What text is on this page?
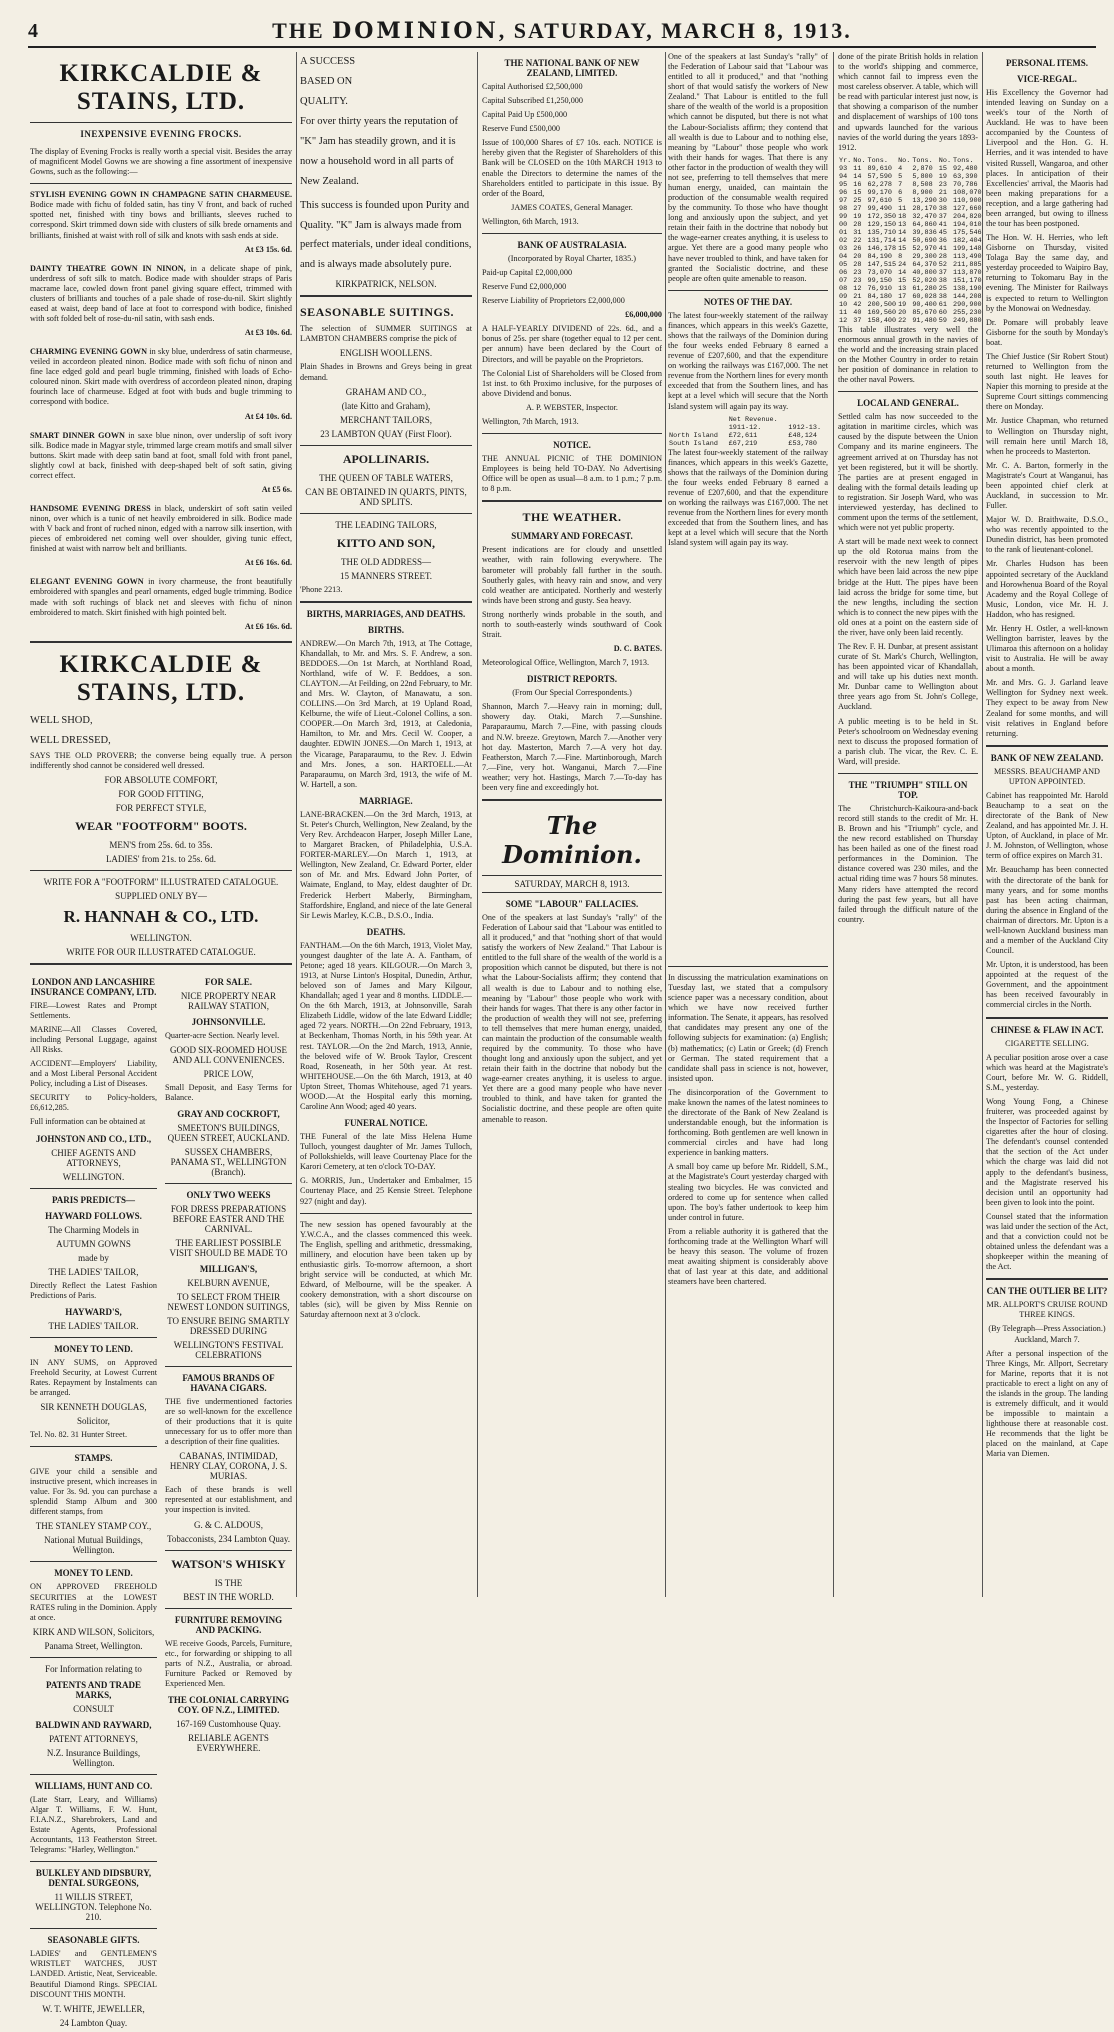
4	THE DOMINION, SATURDAY, MARCH 8, 1913.
KIRKCALDIE & STAINS, LTD.
INEXPENSIVE EVENING FROCKS.

The display of Evening Frocks is really worth a special visit. Besides the array of magnificent Model Gowns we are showing a fine assortment of inexpensive Gowns, such as the following:—

STYLISH EVENING GOWN IN CHAMPAGNE SATIN CHARMEUSE. Bodice made with fichu of folded satin, has tiny V front, and back of ruched spotted net, finished with tiny bows and brilliants, sleeves ruched to correspond. Skirt trimmed down side with clusters of silk brede ornaments and brilliants, finished at waist with roll of silk and knots with sash ends at side.

At £3 15s. 6d.

DAINTY THEATRE GOWN IN NINON, in a delicate shape of pink, underdress of soft silk to match. Bodice made with shoulder straps of Paris macrame lace, cowled down front panel giving square effect, trimmed with clusters of brilliants and touches of a pale shade of rose-du-nil. Skirt slightly eased at waist, deep band of lace at foot to correspond with bodice, finished with soft folded belt of rose-du-nil satin, with sash ends.

At £3 10s. 6d.

CHARMING EVENING GOWN in sky blue, underdress of satin charmeuse, veiled in accordeon pleated ninon. Bodice made with soft fichu of ninon and fine lace edged gold and pearl bugle trimming, finished with loads of Echo-coloured ninon. Skirt made with overdress of accordeon pleated ninon, draping fourinch lace of charmeuse. Edged at foot with buds and bugle trimming to correspond with bodice.

At £4 10s. 6d.

SMART DINNER GOWN in saxe blue ninon, over underslip of soft ivory silk. Bodice made in Magyar style, trimmed large cream motifs and small silver buttons. Skirt made with deep satin band at foot, small fold with front panel, slightly cowl at back, finished with deep-shaped belt of soft satin, giving correct effect.

At £5 6s.

HANDSOME EVENING DRESS in black, underskirt of soft satin veiled ninon, over which is a tunic of net heavily embroidered in silk. Bodice made with V back and front of ruched ninon, edged with a narrow silk insertion, with pieces of embroidered net coming well over shoulder, giving tunic effect, finished at waist with narrow belt and brilliants.

At £6 16s. 6d.

ELEGANT EVENING GOWN in ivory charmeuse, the front beautifully embroidered with spangles and pearl ornaments, edged bugle trimming. Bodice made with soft ruchings of black net and sleeves with fichu of ninon embroidered to match. Skirt finished with high pointed belt.

At £6 16s. 6d.
KIRKCALDIE & STAINS, LTD.
WELL SHOD,
WELL DRESSED,

SAYS THE OLD PROVERB; the converse being equally true. A person indifferently shod cannot be considered well dressed.

FOR ABSOLUTE COMFORT,
FOR GOOD FITTING,
FOR PERFECT STYLE,
WEAR "FOOTFORM" BOOTS.
MEN'S from 25s. 6d. to 35s.
LADIES' from 21s. to 25s. 6d.
WRITE FOR A "FOOTFORM" ILLUSTRATED CATALOGUE.
SUPPLIED ONLY BY—
R. HANNAH & CO., LTD.
WELLINGTON.
WRITE FOR OUR ILLUSTRATED CATALOGUE.
LONDON AND LANCASHIRE INSURANCE COMPANY, LTD.

FIRE—Lowest Rates and Prompt Settlements.

MARINE—All Classes Covered, including Personal Luggage, against All Risks.

ACCIDENT—Employers' Liability, and a Most Liberal Personal Accident Policy, including a List of Diseases.

SECURITY to Policy-holders, £6,612,285.

Full information can be obtained at

JOHNSTON AND CO., LTD.,
CHIEF AGENTS AND ATTORNEYS,
WELLINGTON.
PARIS PREDICTS—
HAYWARD FOLLOWS.
The Charming Models in
AUTUMN GOWNS
made by
THE LADIES' TAILOR,

Directly Reflect the Latest Fashion Predictions of Paris.

HAYWARD'S,
THE LADIES' TAILOR.
MONEY TO LEND.

IN ANY SUMS, on Approved Freehold Security, at Lowest Current Rates. Repayment by Instalments can be arranged.

SIR KENNETH DOUGLAS,
Solicitor,

Tel. No. 82. 31 Hunter Street.

STAMPS.

GIVE your child a sensible and instructive present, which increases in value. For 3s. 9d. you can purchase a splendid Stamp Album and 300 different stamps, from

THE STANLEY STAMP COY.,
National Mutual Buildings, Wellington.
MONEY TO LEND.

ON APPROVED FREEHOLD SECURITIES at the LOWEST RATES ruling in the Dominion. Apply at once.

KIRK AND WILSON, Solicitors,
Panama Street, Wellington.
For Information relating to
PATENTS AND TRADE MARKS,
CONSULT
BALDWIN AND RAYWARD,
PATENT ATTORNEYS,
N.Z. Insurance Buildings, Wellington.
WILLIAMS, HUNT AND CO.

(Late Starr, Leary, and Williams) Algar T. Williams, F. W. Hunt, F.I.A.N.Z., Sharebrokers, Land and Estate Agents, Professional Accountants, 113 Featherston Street. Telegrams: "Harley, Wellington."

BULKLEY AND DIDSBURY, DENTAL SURGEONS,
11 WILLIS STREET, WELLINGTON. Telephone No. 210.
SEASONABLE GIFTS.

LADIES' and GENTLEMEN'S WRISTLET WATCHES, JUST LANDED. Artistic, Neat, Serviceable. Beautiful Diamond Rings. SPECIAL DISCOUNT THIS MONTH.

W. T. WHITE, JEWELLER,
24 Lambton Quay.
FOR SALE.
NICE PROPERTY NEAR RAILWAY STATION,
JOHNSONVILLE.

Quarter-acre Section. Nearly level.

GOOD SIX-ROOMED HOUSE AND ALL CONVENIENCES.
PRICE LOW,

Small Deposit, and Easy Terms for Balance.

GRAY AND COCKROFT,
SMEETON'S BUILDINGS, QUEEN STREET, AUCKLAND.
SUSSEX CHAMBERS, PANAMA ST., WELLINGTON (Branch).
ONLY TWO WEEKS
FOR DRESS PREPARATIONS BEFORE EASTER AND THE CARNIVAL.
THE EARLIEST POSSIBLE VISIT SHOULD BE MADE TO
MILLIGAN'S,
KELBURN AVENUE,
TO SELECT FROM THEIR NEWEST LONDON SUITINGS,
TO ENSURE BEING SMARTLY DRESSED DURING
WELLINGTON'S FESTIVAL CELEBRATIONS
FAMOUS BRANDS OF HAVANA CIGARS.

THE five undermentioned factories are so well-known for the excellence of their productions that it is quite unnecessary for us to offer more than a description of their fine qualities.

CABANAS, INTIMIDAD, HENRY CLAY, CORONA, J. S. MURIAS.

Each of these brands is well represented at our establishment, and your inspection is invited.

G. & C. ALDOUS,
Tobacconists, 234 Lambton Quay.
WATSON'S WHISKY
IS THE
BEST IN THE WORLD.
FURNITURE REMOVING AND PACKING.

WE receive Goods, Parcels, Furniture, etc., for forwarding or shipping to all parts of N.Z., Australia, or abroad. Furniture Packed or Removed by Experienced Men.

THE COLONIAL CARRYING COY. OF N.Z., LIMITED.
167-169 Customhouse Quay.
RELIABLE AGENTS EVERYWHERE.
A SUCCESS
BASED ON
QUALITY.

For over thirty years the reputation of "K" Jam has steadily grown, and it is now a household word in all parts of New Zealand.

This success is founded upon Purity and Quality. "K" Jam is always made from perfect materials, under ideal conditions, and is always made absolutely pure.

KIRKPATRICK, NELSON.
SEASONABLE SUITINGS.

The selection of SUMMER SUITINGS at LAMBTON CHAMBERS comprise the pick of

ENGLISH WOOLLENS.

Plain Shades in Browns and Greys being in great demand.

GRAHAM AND CO.,
(late Kitto and Graham),
MERCHANT TAILORS,
23 LAMBTON QUAY (First Floor).
APOLLINARIS.
THE QUEEN OF TABLE WATERS,
CAN BE OBTAINED IN QUARTS, PINTS, AND SPLITS.
THE LEADING TAILORS,
KITTO AND SON,
THE OLD ADDRESS—
15 MANNERS STREET.

'Phone 2213.

BIRTHS, MARRIAGES, AND DEATHS.
BIRTHS.

ANDREW.—On March 7th, 1913, at The Cottage, Khandallah, to Mr. and Mrs. S. F. Andrew, a son. BEDDOES.—On 1st March, at Northland Road, Northland, wife of W. F. Beddoes, a son. CLAYTON.—At Feilding, on 22nd February, to Mr. and Mrs. W. Clayton, of Manawatu, a son. COLLINS.—On 3rd March, at 19 Upland Road, Kelburne, the wife of Lieut.-Colonel Collins, a son. COOPER.—On March 3rd, 1913, at Caledonia, Hamilton, to Mr. and Mrs. Cecil W. Cooper, a daughter. EDWIN JONES.—On March 1, 1913, at the Vicarage, Paraparaumu, to the Rev. J. Edwin and Mrs. Jones, a son. HARTOELL.—At Paraparaumu, on March 3rd, 1913, the wife of M. W. Hartell, a son.

MARRIAGE.

LANE-BRACKEN.—On the 3rd March, 1913, at St. Peter's Church, Wellington, New Zealand, by the Very Rev. Archdeacon Harper, Joseph Miller Lane, to Margaret Bracken, of Philadelphia, U.S.A. FORTER-MARLEY.—On March 1, 1913, at Wellington, New Zealand, Cr. Edward Porter, elder son of Mr. and Mrs. Edward John Porter, of Waimate, England, to May, eldest daughter of Dr. Frederick Herbert Maberly, Birmingham, Staffordshire, England, and niece of the late General Sir Lewis Marley, K.C.B., D.S.O., India.

DEATHS.

FANTHAM.—On the 6th March, 1913, Violet May, youngest daughter of the late A. A. Fantham, of Petone; aged 18 years. KILGOUR.—On March 3, 1913, at Nurse Linton's Hospital, Dunedin, Arthur, beloved son of James and Mary Kilgour, Khandallah; aged 1 year and 8 months. LIDDLE.—On the 6th March, 1913, at Johnsonville, Sarah Elizabeth Liddle, widow of the late Edward Liddle; aged 72 years. NORTH.—On 22nd February, 1913, at Beckenham, Thomas North, in his 59th year. At rest. TAYLOR.—On the 2nd March, 1913, Annie, the beloved wife of W. Brook Taylor, Crescent Road, Roseneath, in her 50th year. At rest. WHITEHOUSE.—On the 6th March, 1913, at 40 Upton Street, Thomas Whitehouse, aged 71 years. WOOD.—At the Hospital early this morning, Caroline Ann Wood; aged 40 years.

FUNERAL NOTICE.

THE Funeral of the late Miss Helena Hume Tulloch, youngest daughter of Mr. James Tulloch, of Pollokshields, will leave Courtenay Place for the Karori Cemetery, at ten o'clock TO-DAY.

G. MORRIS, Jun., Undertaker and Embalmer, 15 Courtenay Place, and 25 Kensie Street. Telephone 927 (night and day).

The new session has opened favourably at the Y.W.C.A., and the classes commenced this week. The English, spelling and arithmetic, dressmaking, millinery, and elocution have been taken up by enthusiastic girls. To-morrow afternoon, a short bright service will be conducted, at which Mr. Edward, of Melbourne, will be the speaker. A cookery demonstration, with a short discourse on tables (sic), will be given by Miss Rennie on Saturday afternoon next at 3 o'clock.

THE NATIONAL BANK OF NEW ZEALAND, LIMITED.

Capital Authorised £2,500,000

Capital Subscribed £1,250,000

Capital Paid Up £500,000

Reserve Fund £500,000

Issue of 100,000 Shares of £7 10s. each. NOTICE is hereby given that the Register of Shareholders of this Bank will be CLOSED on the 10th MARCH 1913 to enable the Directors to determine the names of the Shareholders entitled to participate in this issue. By order of the Board,

JAMES COATES, General Manager.

Wellington, 6th March, 1913.

BANK OF AUSTRALASIA.

(Incorporated by Royal Charter, 1835.)

Paid-up Capital £2,000,000

Reserve Fund £2,000,000

Reserve Liability of Proprietors £2,000,000

£6,000,000

A HALF-YEARLY DIVIDEND of 22s. 6d., and a bonus of 25s. per share (together equal to 12 per cent. per annum) have been declared by the Court of Directors, and will be payable on the Proprietors.

The Colonial List of Shareholders will be Closed from 1st inst. to 6th Proximo inclusive, for the purposes of above Dividend and bonus.

A. P. WEBSTER, Inspector.

Wellington, 7th March, 1913.

NOTICE.

THE ANNUAL PICNIC of THE DOMINION Employees is being held TO-DAY. No Advertising Office will be open as usual—8 a.m. to 1 p.m.; 7 p.m. to 8 p.m.

THE WEATHER.
SUMMARY AND FORECAST.

Present indications are for cloudy and unsettled weather, with rain following everywhere. The barometer will probably fall further in the south. Southerly gales, with heavy rain and snow, and very cold weather are anticipated. Northerly and westerly winds have been strong and gusty. Sea heavy.

Strong northerly winds probable in the south, and north to south-easterly winds southward of Cook Strait.

D. C. BATES.

Meteorological Office, Wellington, March 7, 1913.

DISTRICT REPORTS.

(From Our Special Correspondents.)

Shannon, March 7.—Heavy rain in morning; dull, showery day. Otaki, March 7.—Sunshine. Paraparaumu, March 7.—Fine, with passing clouds and N.W. breeze. Greytown, March 7.—Another very hot day. Masterton, March 7.—A very hot day. Featherston, March 7.—Fine. Martinborough, March 7.—Fine, very hot. Wanganui, March 7.—Fine weather; very hot. Hastings, March 7.—To-day has been very fine and exceedingly hot.

The Dominion.
SATURDAY, MARCH 8, 1913.
SOME "LABOUR" FALLACIES.

One of the speakers at last Sunday's "rally" of the Federation of Labour said that "Labour was entitled to all it produced," and that "nothing short of that would satisfy the workers of New Zealand." That Labour is entitled to the full share of the wealth of the world is a proposition which cannot be disputed, but there is not what the Labour-Socialists affirm; they contend that all wealth is due to Labour and to nothing else, meaning by "Labour" those people who work with their hands for wages. That there is any other factor in the production of wealth they will not see, preferring to tell themselves that mere human energy, unaided, can maintain the production of the consumable wealth required by the community. To those who have thought long and anxiously upon the subject, and yet retain their faith in the doctrine that nobody but the wage-earner creates anything, it is useless to argue. Yet there are a good many people who have never troubled to think, and have taken for granted the Socialistic doctrine, and these people are often quite amenable to reason.

One of the speakers at last Sunday's "rally" of the Federation of Labour said that "Labour was entitled to all it produced," and that "nothing short of that would satisfy the workers of New Zealand." That Labour is entitled to the full share of the wealth of the world is a proposition which cannot be disputed, but there is not what the Labour-Socialists affirm; they contend that all wealth is due to Labour and to nothing else, meaning by "Labour" those people who work with their hands for wages. That there is any other factor in the production of wealth they will not see, preferring to tell themselves that mere human energy, unaided, can maintain the production of the consumable wealth required by the community. To those who have thought long and anxiously upon the subject, and yet retain their faith in the doctrine that nobody but the wage-earner creates anything, it is useless to argue. Yet there are a good many people who have never troubled to think, and have taken for granted the Socialistic doctrine, and these people are often quite amenable to reason.

NOTES OF THE DAY.

The latest four-weekly statement of the railway finances, which appears in this week's Gazette, shows that the railways of the Dominion during the four weeks ended February 8 earned a revenue of £207,600, and that the expenditure on working the railways was £167,000. The net revenue from the Northern lines for every month exceeded that from the Southern lines, and has kept at a level which will secure that the North Island system will again pay its way.

	Net Revenue.	
	1911-12.	1912-13.
North Island	£72,611	£48,124
South Island	£67,219	£53,780

The latest four-weekly statement of the railway finances, which appears in this week's Gazette, shows that the railways of the Dominion during the four weeks ended February 8 earned a revenue of £207,600, and that the expenditure on working the railways was £167,000. The net revenue from the Northern lines for every month exceeded that from the Southern lines, and has kept at a level which will secure that the North Island system will again pay its way.

done of the pirate British holds in relation to the world's shipping and commerce, which cannot fail to impress even the most careless observer. A table, which will be read with particular interest just now, is that showing a comparison of the number and displacement of warships of 100 tons and upwards launched for the various navies of the world during the years 1893-1912.

Yr.	No.	Tons.	No.	Tons.	No.	Tons.
93	11	89,610	4	2,870	15	92,480
94	14	57,590	5	5,800	19	63,390
95	16	62,278	7	8,508	23	70,786
96	15	99,170	6	8,900	21	108,070
97	25	97,610	5	13,290	30	110,900
98	27	99,490	11	28,170	38	127,660
99	19	172,350	18	32,470	37	204,820
00	28	129,150	13	64,860	41	194,010
01	31	135,710	14	39,836	45	175,546
02	22	131,714	14	50,690	36	182,404
03	26	146,178	15	52,970	41	199,148
04	20	84,190	8	29,300	28	113,490
05	28	147,515	24	64,370	52	211,885
06	23	73,070	14	40,800	37	113,870
07	23	99,150	15	52,020	38	151,170
08	12	76,910	13	61,280	25	138,190
09	21	84,180	17	60,028	38	144,208
10	42	200,500	19	90,400	61	290,900
11	40	169,560	20	85,670	60	255,230
12	37	158,400	22	91,480	59	249,880

This table illustrates very well the enormous annual growth in the navies of the world and the increasing strain placed on the Mother Country in order to retain her position of dominance in relation to the other naval Powers.

LOCAL AND GENERAL.

Settled calm has now succeeded to the agitation in maritime circles, which was caused by the dispute between the Union Company and its marine engineers. The agreement arrived at on Thursday has not yet been registered, but it will be shortly. The parties are at present engaged in dealing with the formal details leading up to registration. Sir Joseph Ward, who was interviewed yesterday, has declined to comment upon the terms of the settlement, which were not yet public property.

A start will be made next week to connect up the old Rotorua mains from the reservoir with the new length of pipes which have been laid across the new pipe bridge at the Hutt. The pipes have been laid across the bridge for some time, but the new lengths, including the section which is to connect the new pipes with the old ones at a point on the eastern side of the river, have only been laid recently.

The Rev. F. H. Dunbar, at present assistant curate of St. Mark's Church, Wellington, has been appointed vicar of Khandallah, and will take up his duties next month. Mr. Dunbar came to Wellington about three years ago from St. John's College, Auckland.

A public meeting is to be held in St. Peter's schoolroom on Wednesday evening next to discuss the proposed formation of a parish club. The vicar, the Rev. C. E. Ward, will preside.

THE "TRIUMPH" STILL ON TOP.

The Christchurch-Kaikoura-and-back record still stands to the credit of Mr. H. B. Brown and his "Triumph" cycle, and the new record established on Thursday has been hailed as one of the finest road performances in the Dominion. The distance covered was 230 miles, and the actual riding time was 7 hours 58 minutes. Many riders have attempted the record during the past few years, but all have failed through the difficult nature of the country.

PERSONAL ITEMS.
VICE-REGAL.

His Excellency the Governor had intended leaving on Sunday on a week's tour of the North of Auckland. He was to have been accompanied by the Countess of Liverpool and the Hon. G. H. Herries, and it was intended to have visited Russell, Wangaroa, and other places. In anticipation of their Excellencies' arrival, the Maoris had been making preparations for a reception, and a large gathering had been arranged, but owing to illness the tour has been postponed.

The Hon. W. H. Herries, who left Gisborne on Thursday, visited Tolaga Bay the same day, and yesterday proceeded to Waipiro Bay, returning to Tokomaru Bay in the evening. The Minister for Railways is expected to return to Wellington by the Monowai on Wednesday.

Dr. Pomare will probably leave Gisborne for the south by Monday's boat.

The Chief Justice (Sir Robert Stout) returned to Wellington from the south last night. He leaves for Napier this morning to preside at the Supreme Court sittings commencing there on Monday.

Mr. Justice Chapman, who returned to Wellington on Thursday night, will remain here until March 18, when he proceeds to Masterton.

Mr. C. A. Barton, formerly in the Magistrate's Court at Wanganui, has been appointed chief clerk at Auckland, in succession to Mr. Fuller.

Major W. D. Braithwaite, D.S.O., who was recently appointed to the Dunedin district, has been promoted to the rank of lieutenant-colonel.

Mr. Charles Hudson has been appointed secretary of the Auckland and Horowhenua Board of the Royal Academy and the Royal College of Music, London, vice Mr. H. J. Haddon, who has resigned.

Mr. Henry H. Ostler, a well-known Wellington barrister, leaves by the Ulimaroa this afternoon on a holiday visit to Australia. He will be away about a month.

Mr. and Mrs. G. J. Garland leave Wellington for Sydney next week. They expect to be away from New Zealand for some months, and will visit relatives in England before returning.

BANK OF NEW ZEALAND.

MESSRS. BEAUCHAMP AND UPTON APPOINTED.

Cabinet has reappointed Mr. Harold Beauchamp to a seat on the directorate of the Bank of New Zealand, and has appointed Mr. J. H. Upton, of Auckland, in place of Mr. J. M. Johnston, of Wellington, whose term of office expires on March 31.

Mr. Beauchamp has been connected with the directorate of the bank for many years, and for some months past has been acting chairman, during the absence in England of the chairman of directors. Mr. Upton is a well-known Auckland business man and a member of the Auckland City Council.

Mr. Upton, it is understood, has been appointed at the request of the Government, and the appointment has been received favourably in commercial circles in the North.

CHINESE & FLAW IN ACT.

CIGARETTE SELLING.

A peculiar position arose over a case which was heard at the Magistrate's Court, before Mr. W. G. Riddell, S.M., yesterday.

Wong Young Fong, a Chinese fruiterer, was proceeded against by the Inspector of Factories for selling cigarettes after the hour of closing. The defendant's counsel contended that the section of the Act under which the charge was laid did not apply to the defendant's business, and the Magistrate reserved his decision until an opportunity had been given to look into the point.

Counsel stated that the information was laid under the section of the Act, and that a conviction could not be obtained unless the defendant was a shopkeeper within the meaning of the Act.

CAN THE OUTLIER BE LIT?

MR. ALLPORT'S CRUISE ROUND THREE KINGS.

(By Telegraph—Press Association.) Auckland, March 7.

After a personal inspection of the Three Kings, Mr. Allport, Secretary for Marine, reports that it is not practicable to erect a light on any of the islands in the group. The landing is extremely difficult, and it would be impossible to maintain a lighthouse there at reasonable cost. He recommends that the light be placed on the mainland, at Cape Maria van Diemen.

In discussing the matriculation examinations on Tuesday last, we stated that a compulsory science paper was a necessary condition, about which we have now received further information. The Senate, it appears, has resolved that candidates may present any one of the following subjects for examination: (a) English; (b) mathematics; (c) Latin or Greek; (d) French or German. The stated requirement that a candidate shall pass in science is not, however, insisted upon.

The disincorporation of the Government to make known the names of the latest nominees to the directorate of the Bank of New Zealand is understandable enough, but the information is forthcoming. Both gentlemen are well known in commercial circles and have had long experience in banking matters.

A small boy came up before Mr. Riddell, S.M., at the Magistrate's Court yesterday charged with stealing two bicycles. He was convicted and ordered to come up for sentence when called upon. The boy's father undertook to keep him under control in future.

From a reliable authority it is gathered that the forthcoming trade at the Wellington Wharf will be heavy this season. The volume of frozen meat awaiting shipment is considerably above that of last year at this date, and additional steamers have been chartered.
